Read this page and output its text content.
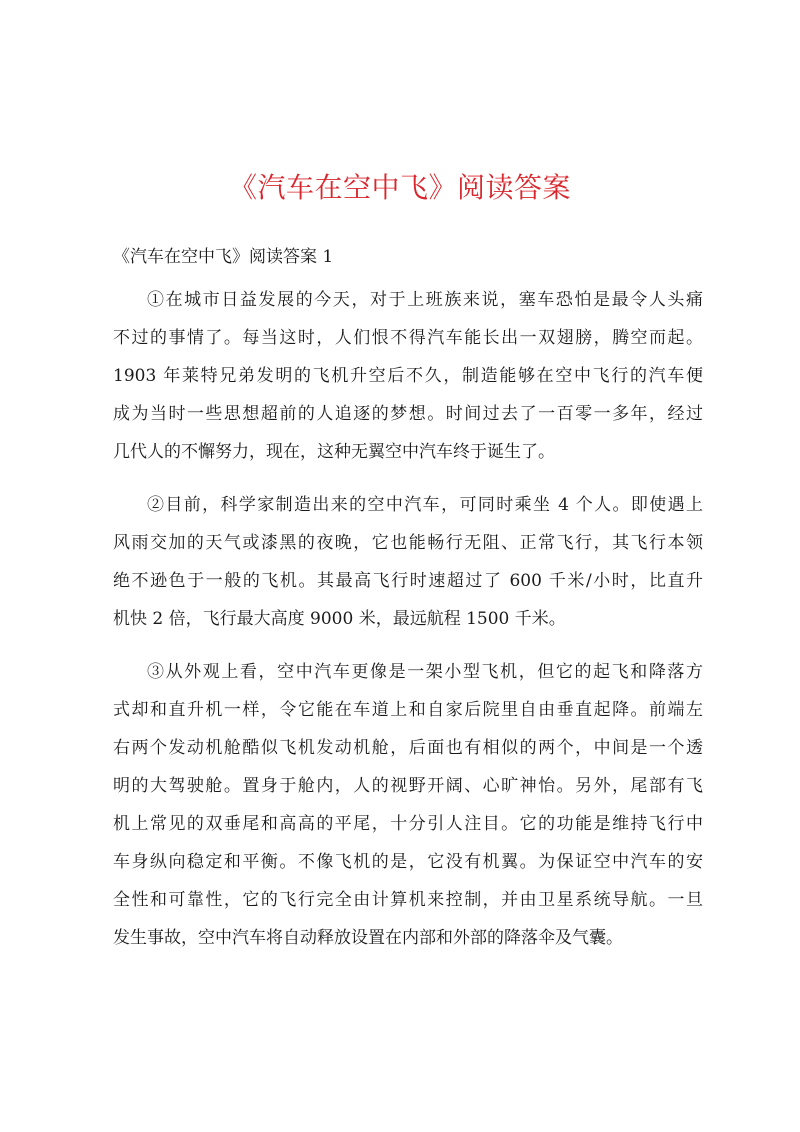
《汽车在空中飞》阅读答案
《汽车在空中飞》阅读答案 1
①在城市日益发展的今天，对于上班族来说，塞车恐怕是最令人头痛
不过的事情了。每当这时，人们恨不得汽车能长出一双翅膀，腾空而起。
1903 年莱特兄弟发明的飞机升空后不久，制造能够在空中飞行的汽车便
成为当时一些思想超前的人追逐的梦想。时间过去了一百零一多年，经过
几代人的不懈努力，现在，这种无翼空中汽车终于诞生了。
②目前，科学家制造出来的空中汽车，可同时乘坐 4 个人。即使遇上
风雨交加的天气或漆黑的夜晚，它也能畅行无阻、正常飞行，其飞行本领
绝不逊色于一般的飞机。其最高飞行时速超过了 600 千米/小时，比直升
机快 2 倍，飞行最大高度 9000 米，最远航程 1500 千米。
③从外观上看，空中汽车更像是一架小型飞机，但它的起飞和降落方
式却和直升机一样，令它能在车道上和自家后院里自由垂直起降。前端左
右两个发动机舱酷似飞机发动机舱，后面也有相似的两个，中间是一个透
明的大驾驶舱。置身于舱内，人的视野开阔、心旷神怡。另外，尾部有飞
机上常见的双垂尾和高高的平尾，十分引人注目。它的功能是维持飞行中
车身纵向稳定和平衡。不像飞机的是，它没有机翼。为保证空中汽车的安
全性和可靠性，它的飞行完全由计算机来控制，并由卫星系统导航。一旦
发生事故，空中汽车将自动释放设置在内部和外部的降落伞及气囊。
